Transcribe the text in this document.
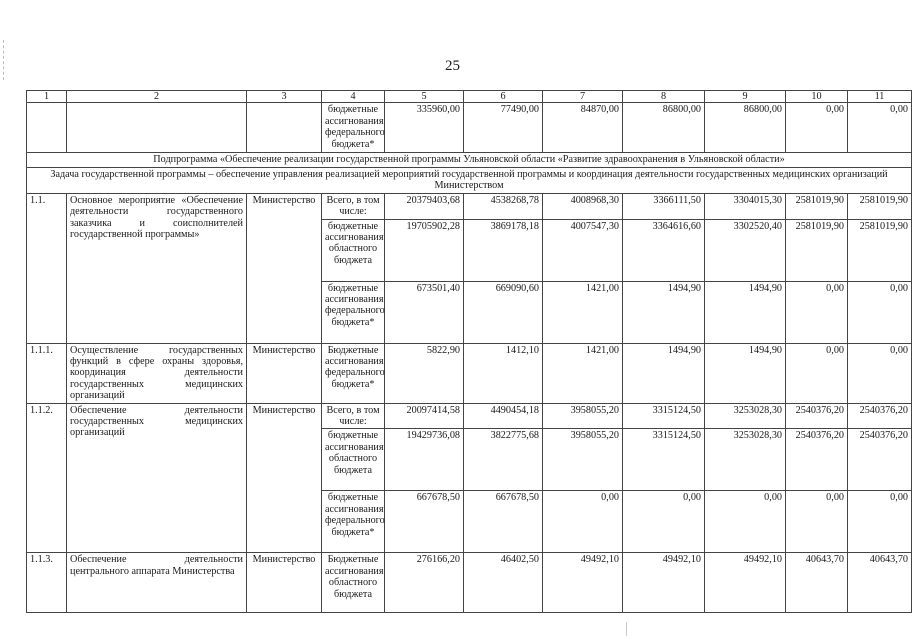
25
1	2	3	4	5	6	7	8	9	10	11
			бюджетные ассигнования федерального бюджета*	335960,00	77490,00	84870,00	86800,00	86800,00	0,00	0,00
Подпрограмма «Обеспечение реализации государственной программы Ульяновской области «Развитие здравоохранения в Ульяновской области»										
Задача государственной программы – обеспечение управления реализацией мероприятий государственной программы и координация деятельности государственных медицинских организаций Министерством										
1.1.	Основное мероприятие «Обеспечение деятельности государственного заказчика и соисполнителей государственной программы»	Министерство	Всего, в том числе:	20379403,68	4538268,78	4008968,30	3366111,50	3304015,30	2581019,90	2581019,90
			бюджетные ассигнования областного бюджета	19705902,28	3869178,18	4007547,30	3364616,60	3302520,40	2581019,90	2581019,90
			бюджетные ассигнования федерального бюджета*	673501,40	669090,60	1421,00	1494,90	1494,90	0,00	0,00
1.1.1.	Осуществление государственных функций в сфере охраны здоровья, координация деятельности государственных медицинских организаций	Министерство	Бюджетные ассигнования федерального бюджета*	5822,90	1412,10	1421,00	1494,90	1494,90	0,00	0,00
1.1.2.	Обеспечение деятельности государственных медицинских организаций	Министерство	Всего, в том числе:	20097414,58	4490454,18	3958055,20	3315124,50	3253028,30	2540376,20	2540376,20
			бюджетные ассигнования областного бюджета	19429736,08	3822775,68	3958055,20	3315124,50	3253028,30	2540376,20	2540376,20
			бюджетные ассигнования федерального бюджета*	667678,50	667678,50	0,00	0,00	0,00	0,00	0,00
1.1.3.	Обеспечение деятельности центрального аппарата Министерства	Министерство	Бюджетные ассигнования областного бюджета	276166,20	46402,50	49492,10	49492,10	49492,10	40643,70	40643,70
